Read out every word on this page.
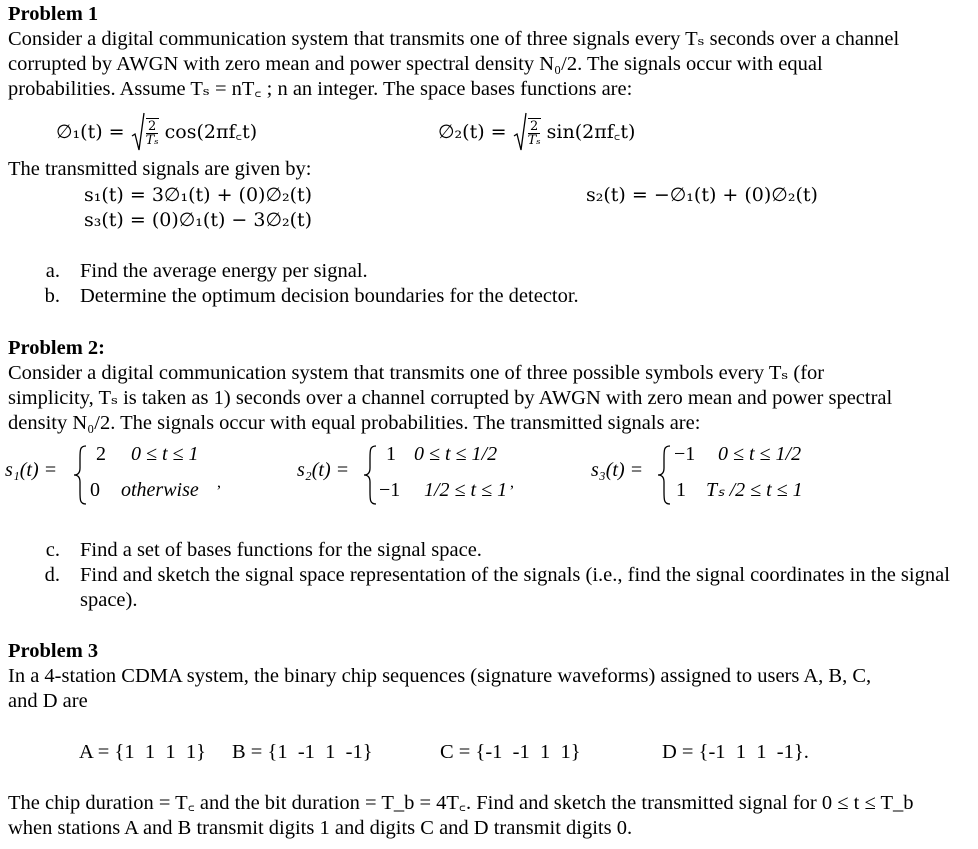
Problem 1
Consider a digital communication system that transmits one of three signals every Tₛ seconds over a channel
corrupted by AWGN with zero mean and power spectral density N₀/2. The signals occur with equal
probabilities. Assume Tₛ = nT꜀ ; n an integer. The space bases functions are:
∅₁(t) = $\frac{2}{\text{Tₛ}}$ cos(2πf꜀t)	∅₂(t) = $\frac{2}{\text{Tₛ}}$ sin(2πf꜀t)
The transmitted signals are given by:
s₁(t) = 3∅₁(t) + (0)∅₂(t)	s₂(t) = −∅₁(t) + (0)∅₂(t)
s₃(t) = (0)∅₁(t) − 3∅₂(t)
a. Find the average energy per signal.
b. Determine the optimum decision boundaries for the detector.
Problem 2:
Consider a digital communication system that transmits one of three possible symbols every Tₛ (for
simplicity, Tₛ is taken as 1) seconds over a channel corrupted by AWGN with zero mean and power spectral
density N₀/2. The signals occur with equal probabilities. The transmitted signals are:
s₁(t) =
2 0 ≤ t ≤ 1
0 otherwise ,
s₂(t) =
1 0 ≤ t ≤ 1/2
−1 1/2 ≤ t ≤ 1 ,
s₃(t) =
−1 0 ≤ t ≤ 1/2
1 Tₛ /2 ≤ t ≤ 1
c. Find a set of bases functions for the signal space.
d. Find and sketch the signal space representation of the signals (i.e., find the signal coordinates in the signal space).
Problem 3
In a 4-station CDMA system, the binary chip sequences (signature waveforms) assigned to users A, B, C,
and D are
A = {1  1  1  1} B = {1  -1  1  -1}	C = {-1  -1  1  1}	D = {-1  1  1  -1}.
The chip duration = T꜀ and the bit duration = T_b = 4T꜀. Find and sketch the transmitted signal for 0 ≤ t ≤ T_b
when stations A and B transmit digits 1 and digits C and D transmit digits 0.
